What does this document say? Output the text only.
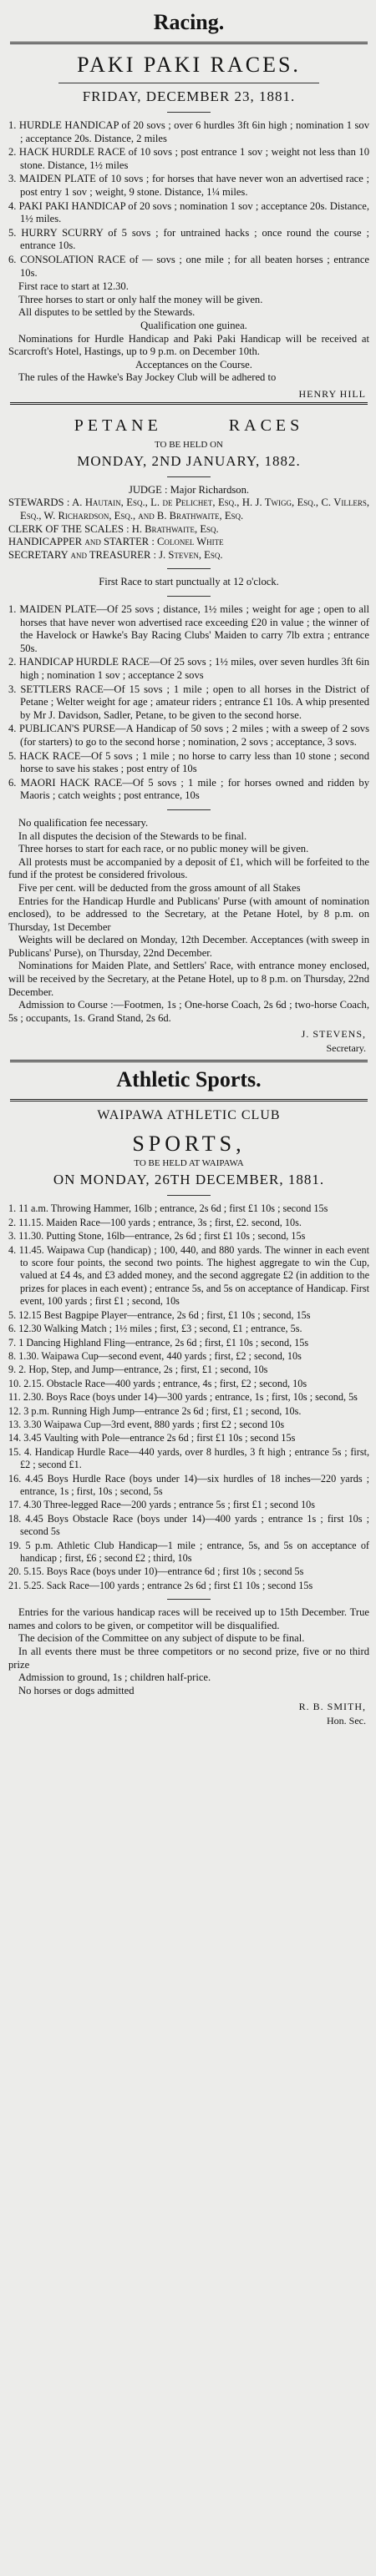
Racing.
PAKI PAKI RACES.
FRIDAY, DECEMBER 23, 1881.

1. HURDLE HANDICAP of 20 sovs ; over 6 hurdles 3ft 6in high ; nomination 1 sov ; acceptance 20s. Distance, 2 miles

2. HACK HURDLE RACE of 10 sovs ; post entrance 1 sov ; weight not less than 10 stone. Distance, 1½ miles

3. MAIDEN PLATE of 10 sovs ; for horses that have never won an advertised race ; post entry 1 sov ; weight, 9 stone. Distance, 1¼ miles.

4. PAKI PAKI HANDICAP of 20 sovs ; nomination 1 sov ; acceptance 20s. Distance, 1½ miles.

5. HURRY SCURRY of 5 sovs ; for untrained hacks ; once round the course ; entrance 10s.

6. CONSOLATION RACE of — sovs ; one mile ; for all beaten horses ; entrance 10s.

First race to start at 12.30.

Three horses to start or only half the money will be given.

All disputes to be settled by the Stewards.

Qualification one guinea.

Nominations for Hurdle Handicap and Paki Paki Handicap will be received at Scarcroft's Hotel, Hastings, up to 9 p.m. on December 10th.

Acceptances on the Course.

The rules of the Hawke's Bay Jockey Club will be adhered to

HENRY HILL
PETANE	RACES
TO BE HELD ON
MONDAY, 2ND JANUARY, 1882.

JUDGE : Major Richardson.

STEWARDS : A. Hautain, Esq., L. de Pelichet, Esq., H. J. Twigg, Esq., C. Villers, Esq., W. Richardson, Esq., and B. Brathwaite, Esq.

CLERK OF THE SCALES : H. Brathwaite, Esq.

HANDICAPPER and STARTER : Colonel White

SECRETARY and TREASURER : J. Steven, Esq.

First Race to start punctually at 12 o'clock.

1. MAIDEN PLATE—Of 25 sovs ; distance, 1½ miles ; weight for age ; open to all horses that have never won advertised race exceeding £20 in value ; the winner of the Havelock or Hawke's Bay Racing Clubs' Maiden to carry 7lb extra ; entrance 50s.

2. HANDICAP HURDLE RACE—Of 25 sovs ; 1½ miles, over seven hurdles 3ft 6in high ; nomination 1 sov ; acceptance 2 sovs

3. SETTLERS RACE—Of 15 sovs ; 1 mile ; open to all horses in the District of Petane ; Welter weight for age ; amateur riders ; entrance £1 10s. A whip presented by Mr J. Davidson, Sadler, Petane, to be given to the second horse.

4. PUBLICAN'S PURSE—A Handicap of 50 sovs ; 2 miles ; with a sweep of 2 sovs (for starters) to go to the second horse ; nomination, 2 sovs ; acceptance, 3 sovs.

5. HACK RACE—Of 5 sovs ; 1 mile ; no horse to carry less than 10 stone ; second horse to save his stakes ; post entry of 10s

6. MAORI HACK RACE—Of 5 sovs ; 1 mile ; for horses owned and ridden by Maoris ; catch weights ; post entrance, 10s

No qualification fee necessary.

In all disputes the decision of the Stewards to be final.

Three horses to start for each race, or no public money will be given.

All protests must be accompanied by a deposit of £1, which will be forfeited to the fund if the protest be considered frivolous.

Five per cent. will be deducted from the gross amount of all Stakes

Entries for the Handicap Hurdle and Publicans' Purse (with amount of nomination enclosed), to be addressed to the Secretary, at the Petane Hotel, by 8 p.m. on Thursday, 1st December

Weights will be declared on Monday, 12th December. Acceptances (with sweep in Publicans' Purse), on Thursday, 22nd December.

Nominations for Maiden Plate, and Settlers' Race, with entrance money enclosed, will be received by the Secretary, at the Petane Hotel, up to 8 p.m. on Thursday, 22nd December.

Admission to Course :—Footmen, 1s ; One-horse Coach, 2s 6d ; two-horse Coach, 5s ; occupants, 1s. Grand Stand, 2s 6d.

J. STEVENS,
Secretary.
Athletic Sports.
WAIPAWA ATHLETIC CLUB
SPORTS,
TO BE HELD AT WAIPAWA
ON MONDAY, 26TH DECEMBER, 1881.

1. 11 a.m. Throwing Hammer, 16lb ; entrance, 2s 6d ; first £1 10s ; second 15s

2. 11.15. Maiden Race—100 yards ; entrance, 3s ; first, £2. second, 10s.

3. 11.30. Putting Stone, 16lb—entrance, 2s 6d ; first £1 10s ; second, 15s

4. 11.45. Waipawa Cup (handicap) ; 100, 440, and 880 yards. The winner in each event to score four points, the second two points. The highest aggregate to win the Cup, valued at £4 4s, and £3 added money, and the second aggregate £2 (in addition to the prizes for places in each event) ; entrance 5s, and 5s on acceptance of Handicap. First event, 100 yards ; first £1 ; second, 10s

5. 12.15 Best Bagpipe Player—entrance, 2s 6d ; first, £1 10s ; second, 15s

6. 12.30 Walking Match ; 1½ miles ; first, £3 ; second, £1 ; entrance, 5s.

7. 1 Dancing Highland Fling—entrance, 2s 6d ; first, £1 10s ; second, 15s

8. 1.30. Waipawa Cup—second event, 440 yards ; first, £2 ; second, 10s

9. 2. Hop, Step, and Jump—entrance, 2s ; first, £1 ; second, 10s

10. 2.15. Obstacle Race—400 yards ; entrance, 4s ; first, £2 ; second, 10s

11. 2.30. Boys Race (boys under 14)—300 yards ; entrance, 1s ; first, 10s ; second, 5s

12. 3 p.m. Running High Jump—entrance 2s 6d ; first, £1 ; second, 10s.

13. 3.30 Waipawa Cup—3rd event, 880 yards ; first £2 ; second 10s

14. 3.45 Vaulting with Pole—entrance 2s 6d ; first £1 10s ; second 15s

15. 4. Handicap Hurdle Race—440 yards, over 8 hurdles, 3 ft high ; entrance 5s ; first, £2 ; second £1.

16. 4.45 Boys Hurdle Race (boys under 14)—six hurdles of 18 inches—220 yards ; entrance, 1s ; first, 10s ; second, 5s

17. 4.30 Three-legged Race—200 yards ; entrance 5s ; first £1 ; second 10s

18. 4.45 Boys Obstacle Race (boys under 14)—400 yards ; entrance 1s ; first 10s ; second 5s

19. 5 p.m. Athletic Club Handicap—1 mile ; entrance, 5s, and 5s on acceptance of handicap ; first, £6 ; second £2 ; third, 10s

20. 5.15. Boys Race (boys under 10)—entrance 6d ; first 10s ; second 5s

21. 5.25. Sack Race—100 yards ; entrance 2s 6d ; first £1 10s ; second 15s

Entries for the various handicap races will be received up to 15th December. True names and colors to be given, or competitor will be disqualified.

The decision of the Committee on any subject of dispute to be final.

In all events there must be three competitors or no second prize, five or no third prize

Admission to ground, 1s ; children half-price.

No horses or dogs admitted

R. B. SMITH,
Hon. Sec.
